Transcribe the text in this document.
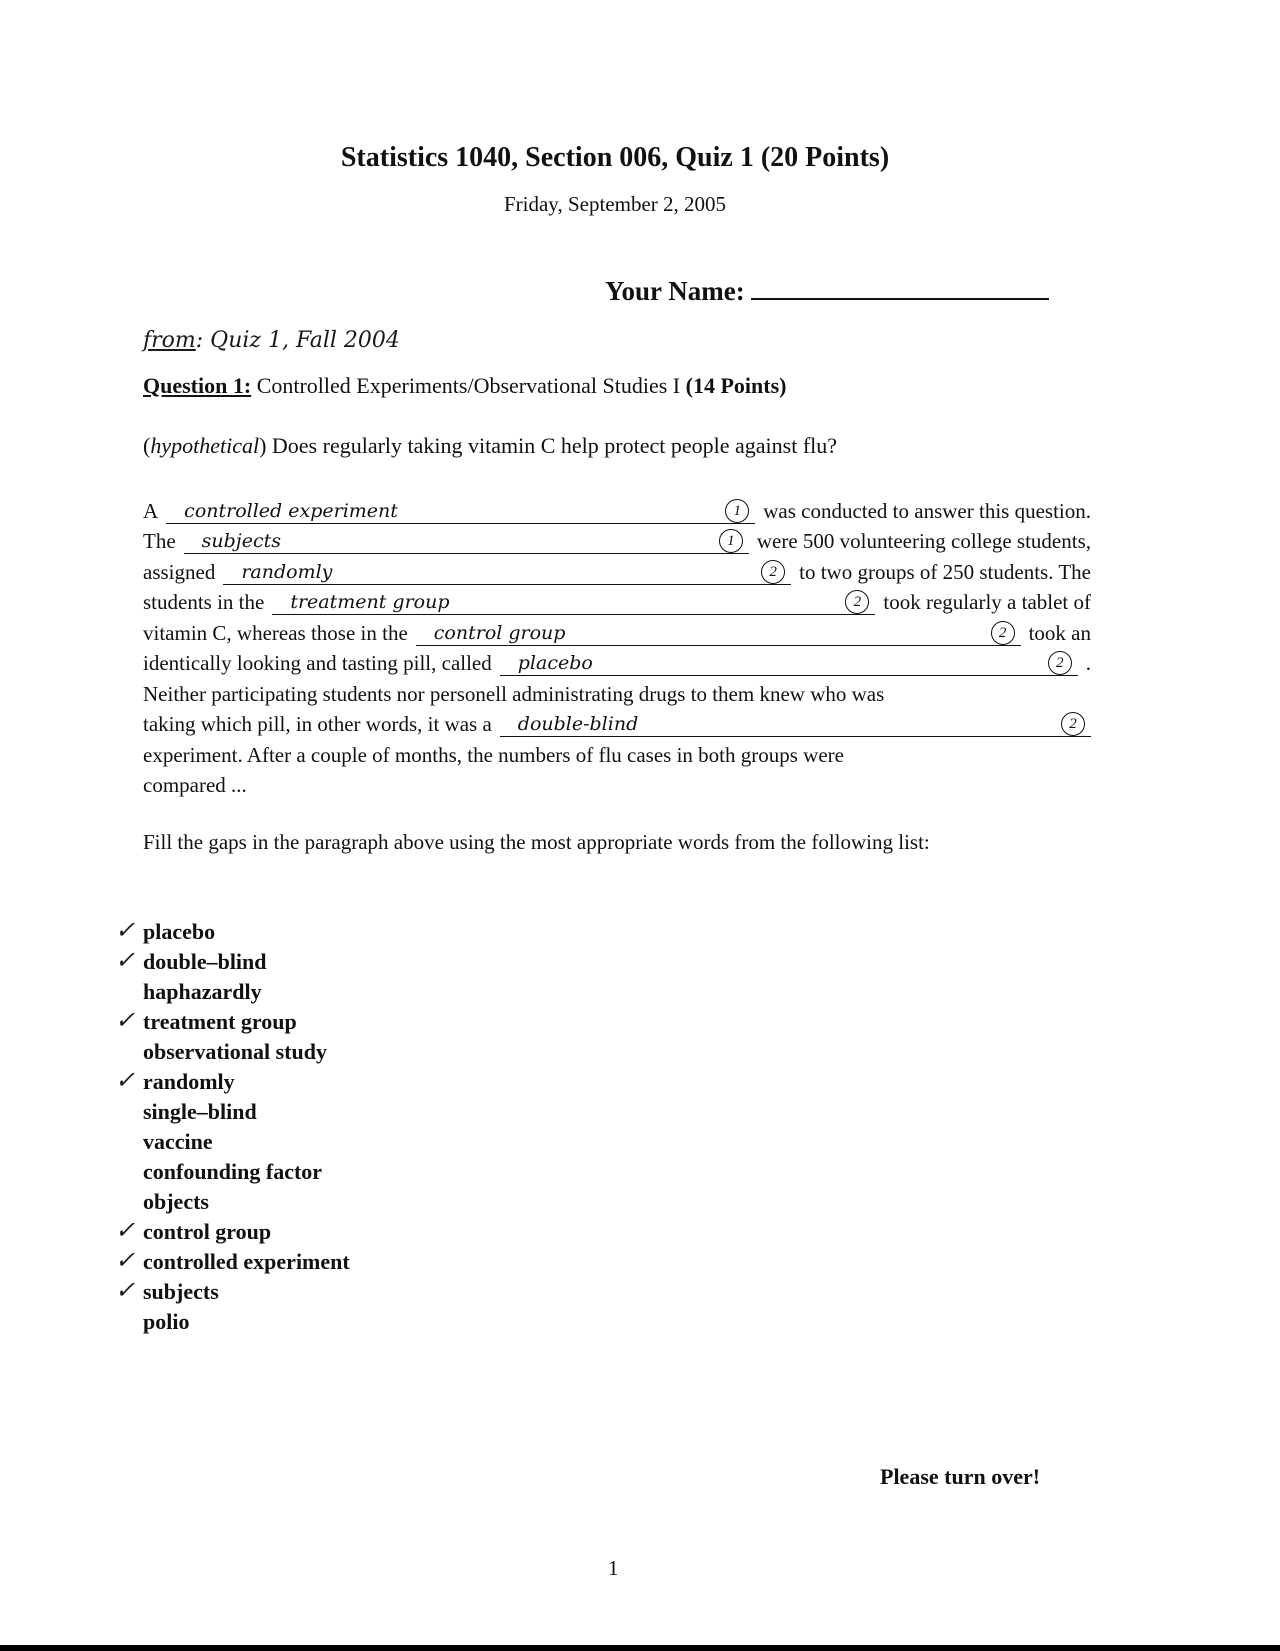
Statistics 1040, Section 006, Quiz 1 (20 Points)
Friday, September 2, 2005
Your Name:
from: Quiz 1, Fall 2004
Question 1: Controlled Experiments/Observational Studies I (14 Points)
(hypothetical) Does regularly taking vitamin C help protect people against flu?
A controlled experiment	1	was conducted to answer this question.
The subjects	1	were 500 volunteering college students,
assigned randomly	2	to two groups of 250 students. The
students in the treatment group	2	took regularly a tablet of
vitamin C, whereas those in the control group	2	took an
identically looking and tasting pill, called placebo	2	.
Neither participating students nor personell administrating drugs to them knew who was
taking which pill, in other words, it was a double-blind	2
experiment. After a couple of months, the numbers of flu cases in both groups were
compared ...
Fill the gaps in the paragraph above using the most appropriate words from the following list:
✓ placebo
✓ double–blind
haphazardly
✓ treatment group
observational study
✓ randomly
single–blind
vaccine
confounding factor
objects
✓ control group
✓ controlled experiment
✓ subjects
polio
Please turn over!
1
